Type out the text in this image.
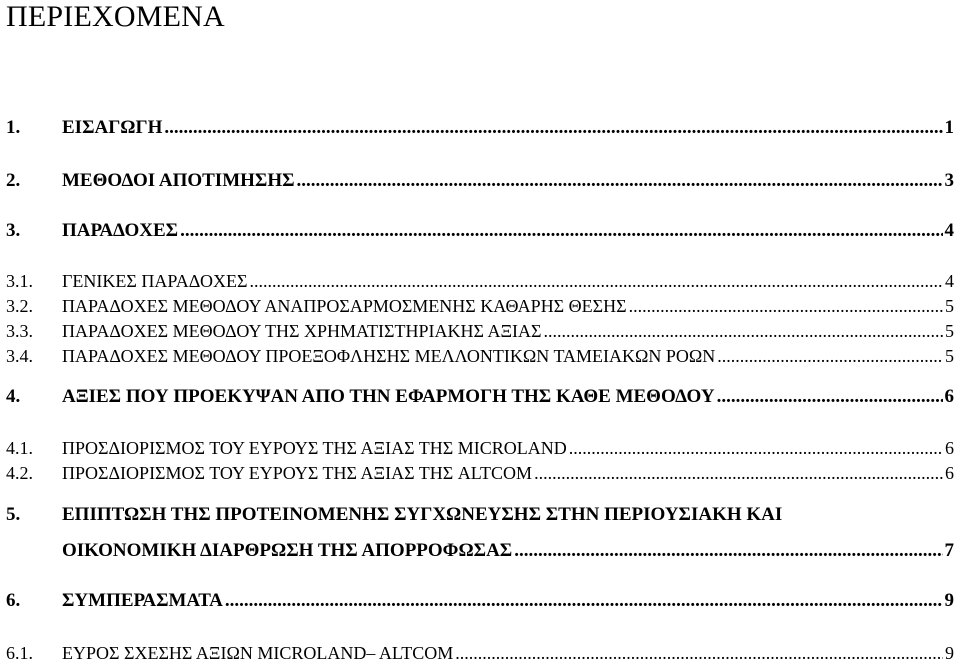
ΠΕΡΙΕΧΟΜΕΝΑ
1.	ΕΙΣΑΓΩΓΗ .....	1
2.	ΜΕΘΟΔΟΙ ΑΠΟΤΙΜΗΣΗΣ .....	3
3.	ΠΑΡΑΔΟΧΕΣ .....	4
3.1.	ΓΕΝΙΚΕΣ ΠΑΡΑΔΟΧΕΣ .....	4
3.2.	ΠΑΡΑΔΟΧΕΣ ΜΕΘΟΔΟΥ ΑΝΑΠΡΟΣΑΡΜΟΣΜΕΝΗΣ ΚΑΘΑΡΗΣ ΘΕΣΗΣ .....	5
3.3.	ΠΑΡΑΔΟΧΕΣ ΜΕΘΟΔΟΥ ΤΗΣ ΧΡΗΜΑΤΙΣΤΗΡΙΑΚΗΣ ΑΞΙΑΣ .....	5
3.4.	ΠΑΡΑΔΟΧΕΣ ΜΕΘΟΔΟΥ ΠΡΟΕΞΟΦΛΗΣΗΣ ΜΕΛΛΟΝΤΙΚΩΝ ΤΑΜΕΙΑΚΩΝ ΡΟΩΝ .....	5
4.	ΑΞΙΕΣ ΠΟΥ ΠΡΟΕΚΥΨΑΝ ΑΠΟ ΤΗΝ ΕΦΑΡΜΟΓΗ ΤΗΣ ΚΑΘΕ ΜΕΘΟΔΟΥ .....	6
4.1.	ΠΡΟΣΔΙΟΡΙΣΜΟΣ ΤΟΥ ΕΥΡΟΥΣ ΤΗΣ ΑΞΙΑΣ ΤΗΣ MICROLAND .....	6
4.2.	ΠΡΟΣΔΙΟΡΙΣΜΟΣ ΤΟΥ ΕΥΡΟΥΣ ΤΗΣ ΑΞΙΑΣ ΤΗΣ ALTCOM .....	6
5.	ΕΠΙΠΤΩΣΗ ΤΗΣ ΠΡΟΤΕΙΝΟΜΕΝΗΣ ΣΥΓΧΩΝΕΥΣΗΣ ΣΤΗΝ ΠΕΡΙΟΥΣΙΑΚΗ ΚΑΙ
ΟΙΚΟΝΟΜΙΚΗ ΔΙΑΡΘΡΩΣΗ ΤΗΣ ΑΠΟΡΡΟΦΩΣΑΣ .....	7
6.	ΣΥΜΠΕΡΑΣΜΑΤΑ .....	9
6.1.	ΕΥΡΟΣ ΣΧΕΣΗΣ ΑΞΙΩΝ MICROLAND– ALTCOM .....	9
